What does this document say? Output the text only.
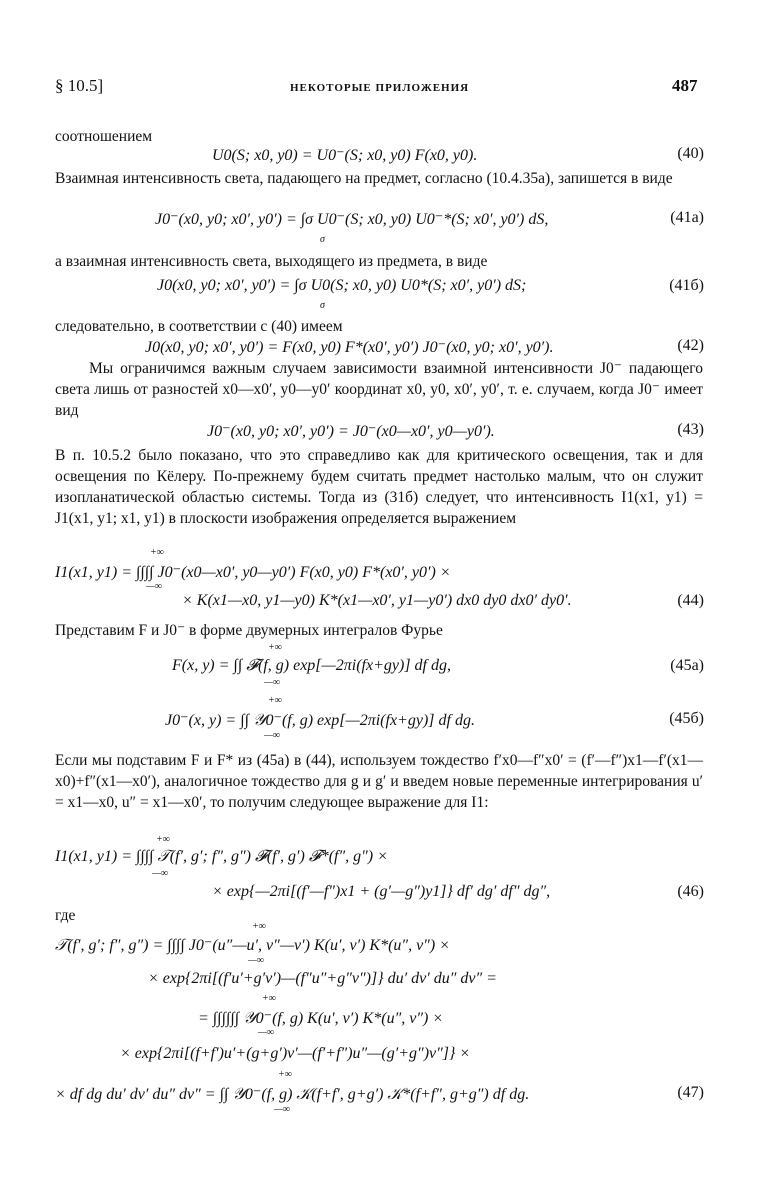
§ 10.5]	НЕКОТОРЫЕ ПРИЛОЖЕНИЯ	487
соотношением
U0(S; x0, y0) = U0⁻(S; x0, y0) F(x0, y0).	(40)
Взаимная интенсивность света, падающего на предмет, согласно (10.4.35а), запишется в виде
J0⁻(x0, y0; x0′, y0′) = ∫σ U0⁻(S; x0, y0) U0⁻*(S; x0′, y0′) dS,
σ
(41а)
а взаимная интенсивность света, выходящего из предмета, в виде
J0(x0, y0; x0′, y0′) = ∫σ U0(S; x0, y0) U0*(S; x0′, y0′) dS;
σ
(41б)
следовательно, в соответствии с (40) имеем
J0(x0, y0; x0′, y0′) = F(x0, y0) F*(x0′, y0′) J0⁻(x0, y0; x0′, y0′).	(42)
Мы ограничимся важным случаем зависимости взаимной интенсивности J0⁻ падающего света лишь от разностей x0—x0′, y0—y0′ координат x0, y0, x0′, y0′, т. е. случаем, когда J0⁻ имеет вид
J0⁻(x0, y0; x0′, y0′) = J0⁻(x0—x0′, y0—y0′).	(43)
В п. 10.5.2 было показано, что это справедливо как для критического освещения, так и для освещения по Кёлеру. По-прежнему будем считать предмет настолько малым, что он служит изопланатической областью системы. Тогда из (31б) следует, что интенсивность I1(x1, y1) = J1(x1, y1; x1, y1) в плоскости изображения определяется выражением
+∞
I1(x1, y1) = ∫∫∫∫ J0⁻(x0—x0′, y0—y0′) F(x0, y0) F*(x0′, y0′) ×
—∞
× K(x1—x0, y1—y0) K*(x1—x0′, y1—y0′) dx0 dy0 dx0′ dy0′.	(44)
Представим F и J0⁻ в форме двумерных интегралов Фурье
+∞
F(x, y) = ∫∫ 𝓕(f, g) exp[—2πi(fx+gy)] df dg,
—∞
(45а)
+∞
J0⁻(x, y) = ∫∫ 𝒴0⁻(f, g) exp[—2πi(fx+gy)] df dg.
—∞
(45б)
Если мы подставим F и F* из (45а) в (44), используем тождество f′x0—f″x0′ = (f′—f″)x1—f′(x1—x0)+f″(x1—x0′), аналогичное тождество для g и g′ и введем новые переменные интегрирования u′ = x1—x0, u″ = x1—x0′, то получим следующее выражение для I1:
+∞
I1(x1, y1) = ∫∫∫∫ 𝒯(f′, g′; f″, g″) 𝓕(f′, g′) 𝓕*(f″, g″) ×
—∞
× exp{—2πi[(f′—f″)x1 + (g′—g″)y1]} df′ dg′ df″ dg″,	(46)
где
+∞
𝒯(f′, g′; f″, g″) = ∫∫∫∫ J0⁻(u″—u′, v″—v′) K(u′, v′) K*(u″, v″) ×
—∞
× exp{2πi[(f′u′+g′v′)—(f″u″+g″v″)]} du′ dv′ du″ dv″ =
+∞
= ∫∫∫∫∫∫ 𝒴0⁻(f, g) K(u′, v′) K*(u″, v″) ×
—∞
× exp{2πi[(f+f′)u′+(g+g′)v′—(f′+f″)u″—(g′+g″)v″]} ×
+∞
× df dg du′ dv′ du″ dv″ = ∫∫ 𝒴0⁻(f, g) 𝒦(f+f′, g+g′) 𝒦*(f+f″, g+g″) df dg.
—∞
(47)
